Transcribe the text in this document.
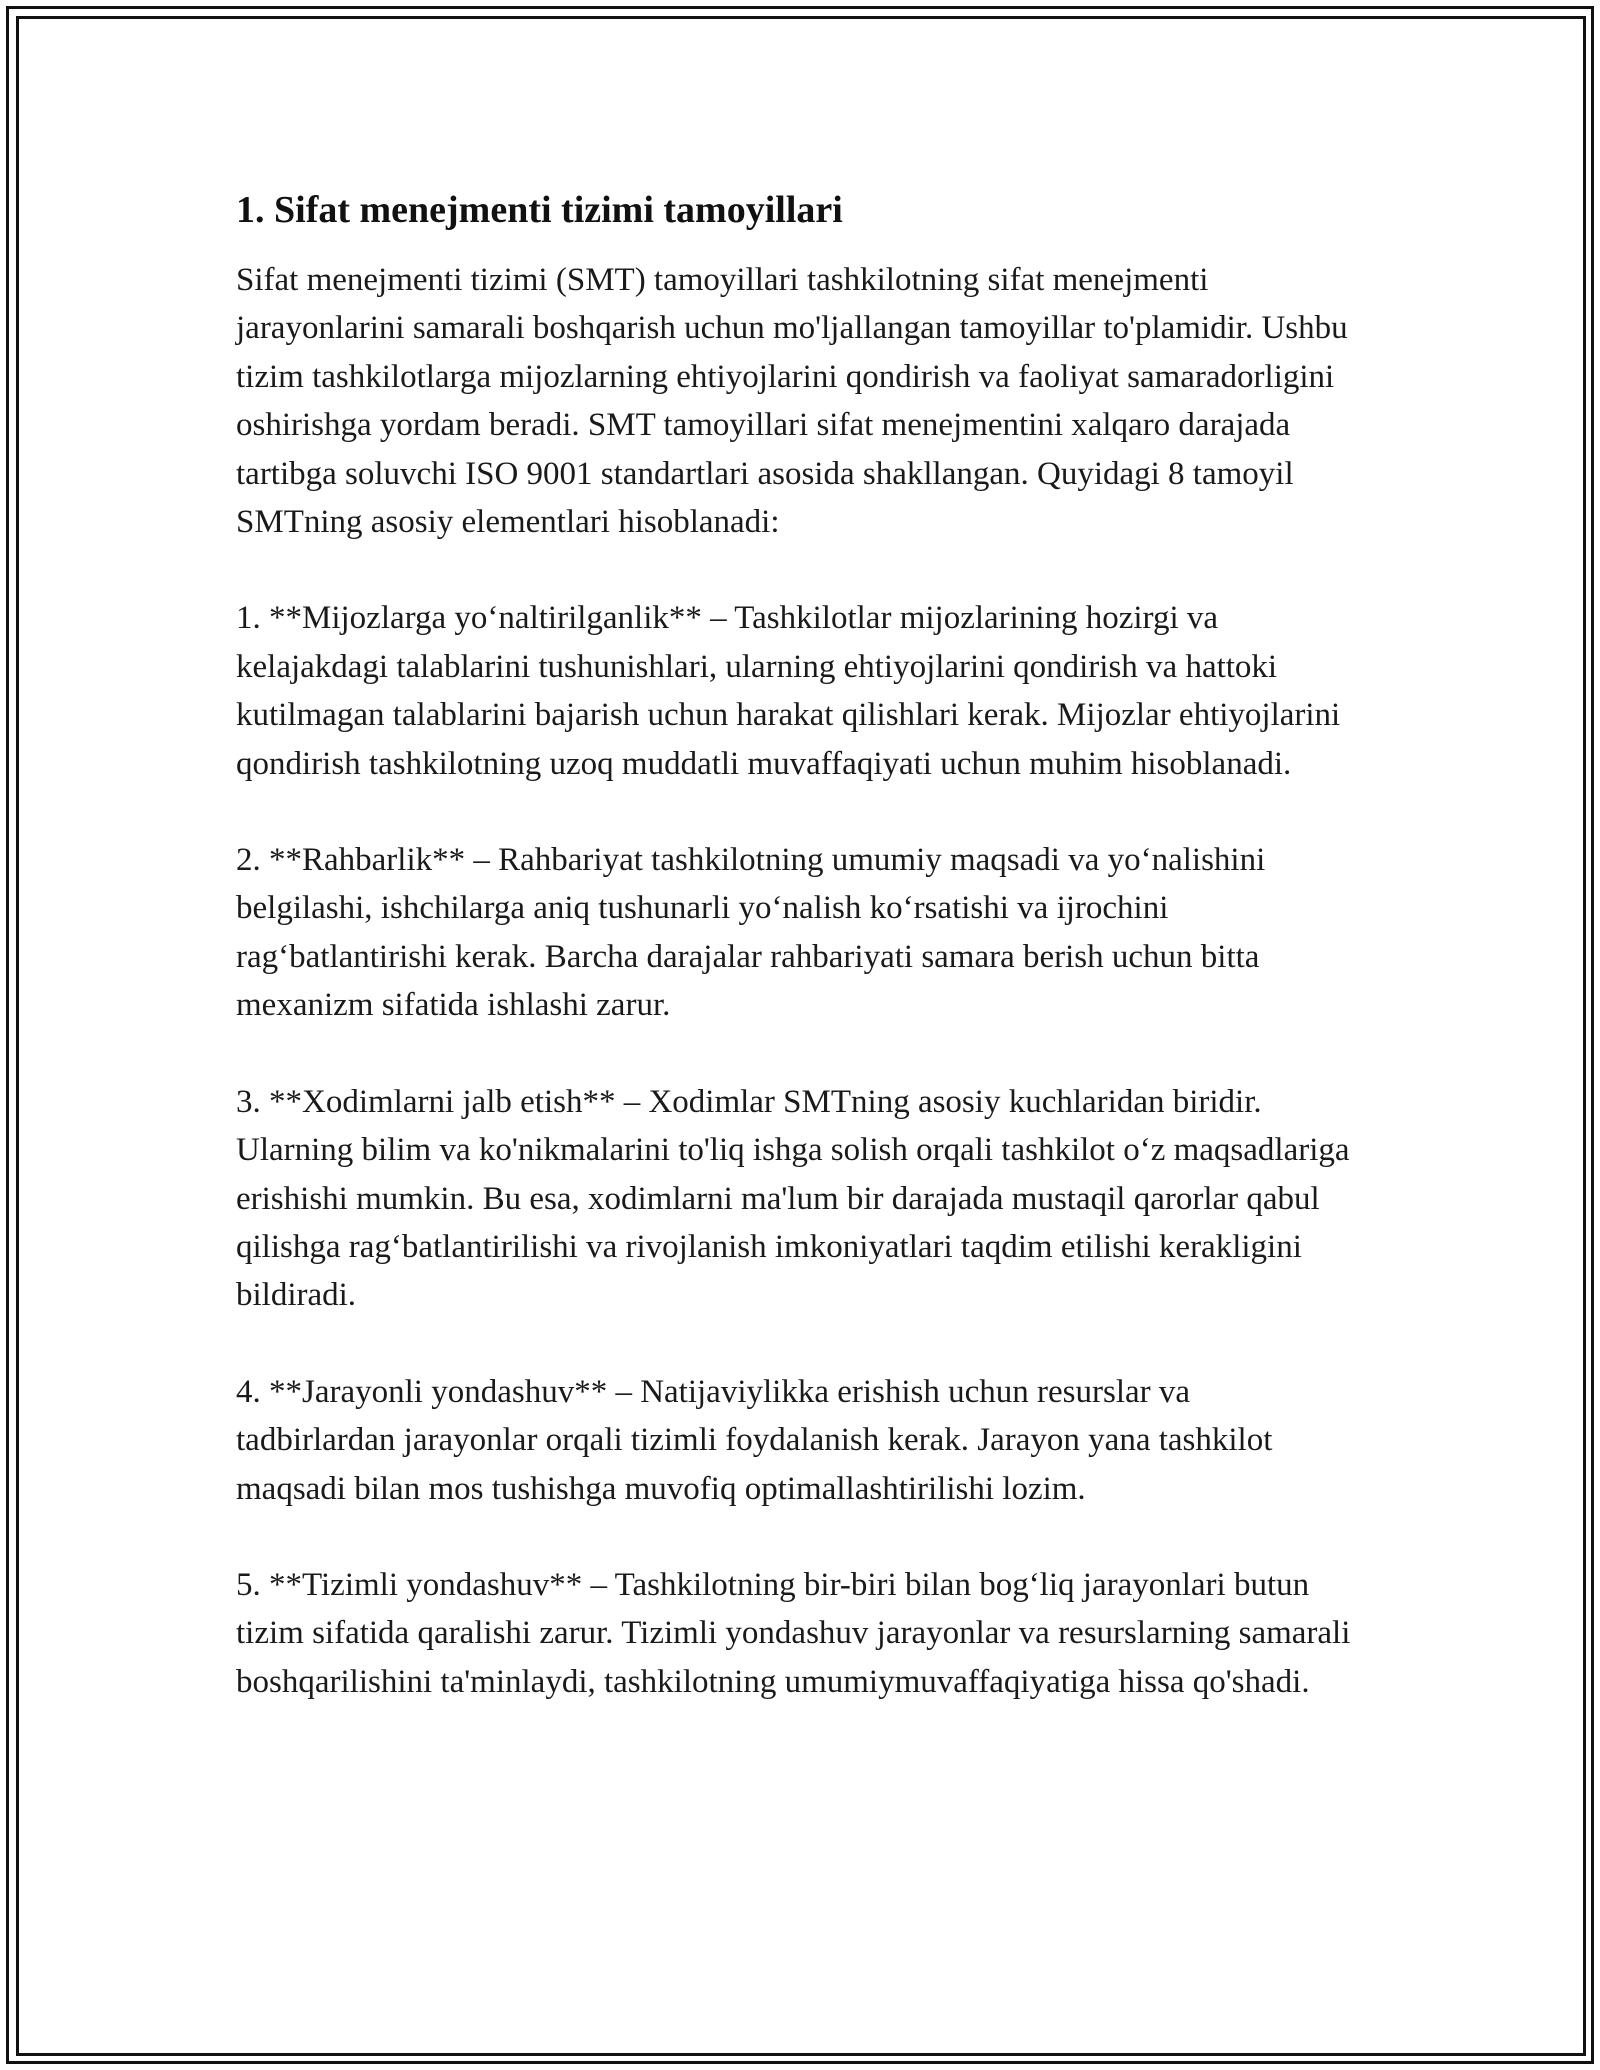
1. Sifat menejmenti tizimi tamoyillari

Sifat menejmenti tizimi (SMT) tamoyillari tashkilotning sifat menejmenti jarayonlarini samarali boshqarish uchun mo'ljallangan tamoyillar to'plamidir. Ushbu tizim tashkilotlarga mijozlarning ehtiyojlarini qondirish va faoliyat samaradorligini oshirishga yordam beradi. SMT tamoyillari sifat menejmentini xalqaro darajada tartibga soluvchi ISO 9001 standartlari asosida shakllangan. Quyidagi 8 tamoyil SMTning asosiy elementlari hisoblanadi:

1. **Mijozlarga yo‘naltirilganlik** – Tashkilotlar mijozlarining hozirgi va kelajakdagi talablarini tushunishlari, ularning ehtiyojlarini qondirish va hattoki kutilmagan talablarini bajarish uchun harakat qilishlari kerak. Mijozlar ehtiyojlarini qondirish tashkilotning uzoq muddatli muvaffaqiyati uchun muhim hisoblanadi.

2. **Rahbarlik** – Rahbariyat tashkilotning umumiy maqsadi va yo‘nalishini belgilashi, ishchilarga aniq tushunarli yo‘nalish ko‘rsatishi va ijrochini rag‘batlantirishi kerak. Barcha darajalar rahbariyati samara berish uchun bitta mexanizm sifatida ishlashi zarur.

3. **Xodimlarni jalb etish** – Xodimlar SMTning asosiy kuchlaridan biridir. Ularning bilim va ko'nikmalarini to'liq ishga solish orqali tashkilot o‘z maqsadlariga erishishi mumkin. Bu esa, xodimlarni ma'lum bir darajada mustaqil qarorlar qabul qilishga rag‘batlantirilishi va rivojlanish imkoniyatlari taqdim etilishi kerakligini bildiradi.

4. **Jarayonli yondashuv** – Natijaviylikka erishish uchun resurslar va tadbirlardan jarayonlar orqali tizimli foydalanish kerak. Jarayon yana tashkilot maqsadi bilan mos tushishga muvofiq optimallashtirilishi lozim.

5. **Tizimli yondashuv** – Tashkilotning bir-biri bilan bog‘liq jarayonlari butun tizim sifatida qaralishi zarur. Tizimli yondashuv jarayonlar va resurslarning samarali boshqarilishini ta'minlaydi, tashkilotning umumiymuvaffaqiyatiga hissa qo'shadi.
